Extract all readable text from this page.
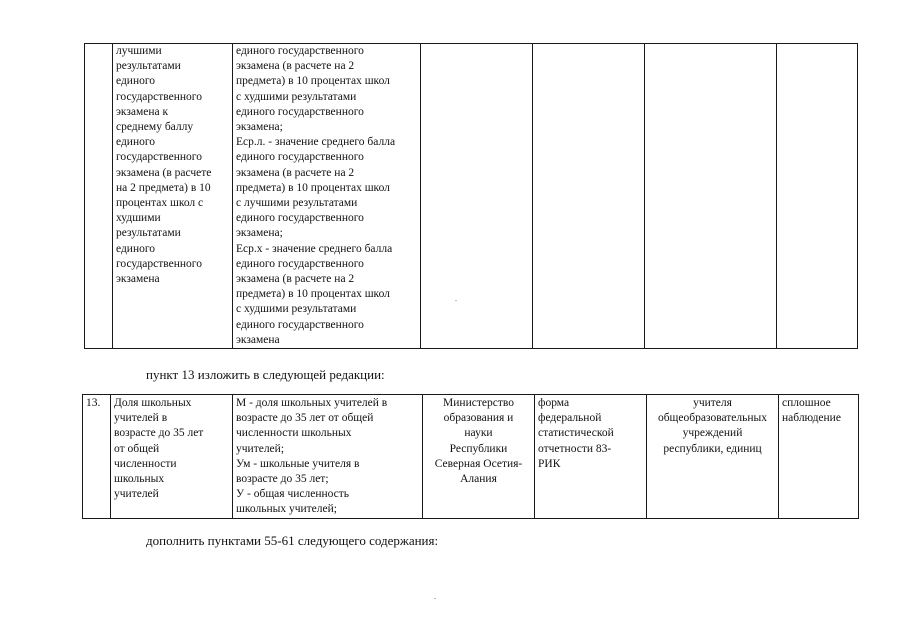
	лучшими
результатами
единого
государственного
экзамена к
среднему баллу
единого
государственного
экзамена (в расчете
на 2 предмета) в 10
процентах школ с
худшими
результатами
единого
государственного
экзамена	единого государственного
экзамена (в расчете на 2
предмета) в 10 процентах школ
с худшими результатами
единого государственного
экзамена;
Еср.л. - значение среднего балла
единого государственного
экзамена (в расчете на 2
предмета) в 10 процентах школ
с лучшими результатами
единого государственного
экзамена;
Еср.х - значение среднего балла
единого государственного
экзамена (в расчете на 2
предмета) в 10 процентах школ
с худшими результатами
единого государственного
экзамена				
пункт 13 изложить в следующей редакции:
13.	Доля школьных
учителей в
возрасте до 35 лет
от общей
численности
школьных
учителей	М - доля школьных учителей в
возрасте до 35 лет от общей
численности школьных
учителей;
Ум - школьные учителя в
возрасте до 35 лет;
У - общая численность
школьных учителей;	Министерство
образования и
науки
Республики
Северная Осетия-
Алания	форма
федеральной
статистической
отчетности 83-
РИК	учителя
общеобразовательных
учреждений
республики, единиц	сплошное
наблюдение
дополнить пунктами 55-61 следующего содержания:
